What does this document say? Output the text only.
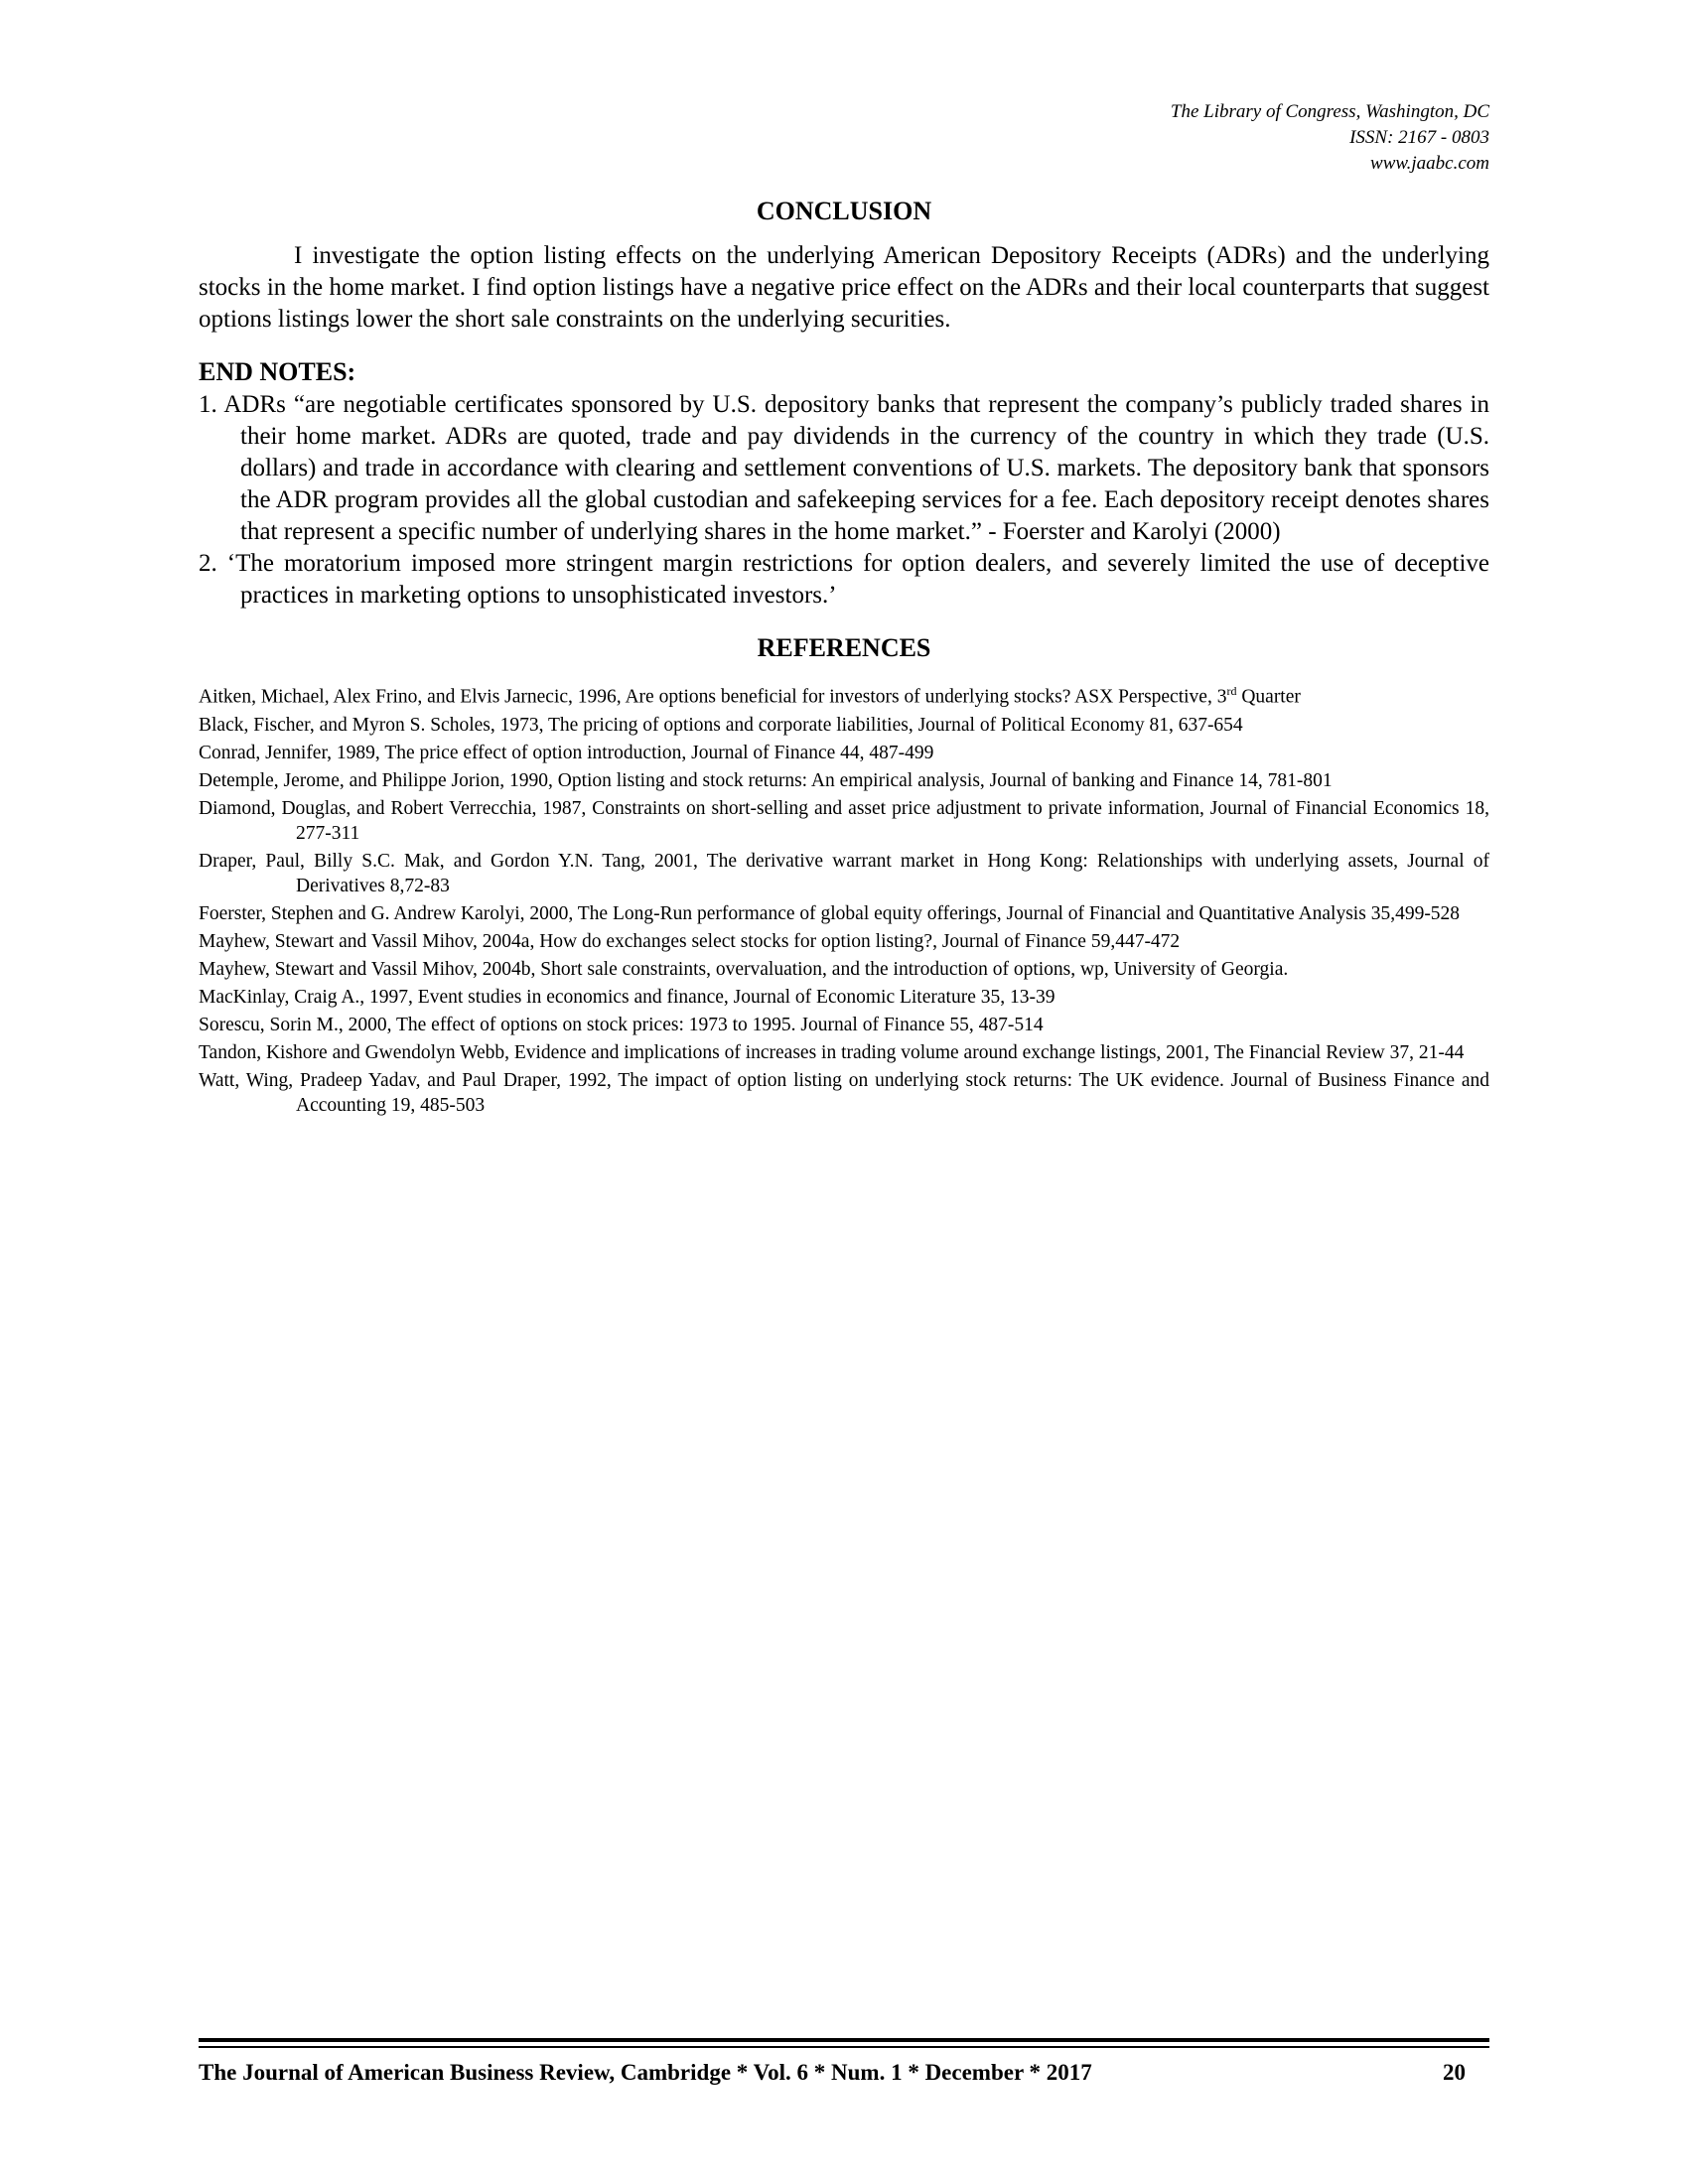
The Library of Congress, Washington, DC
ISSN: 2167 - 0803
www.jaabc.com
CONCLUSION

I investigate the option listing effects on the underlying American Depository Receipts (ADRs) and the underlying stocks in the home market. I find option listings have a negative price effect on the ADRs and their local counterparts that suggest options listings lower the short sale constraints on the underlying securities.

END NOTES:

1. ADRs “are negotiable certificates sponsored by U.S. depository banks that represent the company’s publicly traded shares in their home market. ADRs are quoted, trade and pay dividends in the currency of the country in which they trade (U.S. dollars) and trade in accordance with clearing and settlement conventions of U.S. markets. The depository bank that sponsors the ADR program provides all the global custodian and safekeeping services for a fee. Each depository receipt denotes shares that represent a specific number of underlying shares in the home market.” - Foerster and Karolyi (2000)

2. ‘The moratorium imposed more stringent margin restrictions for option dealers, and severely limited the use of deceptive practices in marketing options to unsophisticated investors.’

REFERENCES
Aitken, Michael, Alex Frino, and Elvis Jarnecic, 1996, Are options beneficial for investors of underlying stocks? ASX Perspective, 3rd Quarter
Black, Fischer, and Myron S. Scholes, 1973, The pricing of options and corporate liabilities, Journal of Political Economy 81, 637-654
Conrad, Jennifer, 1989, The price effect of option introduction, Journal of Finance 44, 487-499
Detemple, Jerome, and Philippe Jorion, 1990, Option listing and stock returns: An empirical analysis, Journal of banking and Finance 14, 781-801
Diamond, Douglas, and Robert Verrecchia, 1987, Constraints on short-selling and asset price adjustment to private information, Journal of Financial Economics 18, 277-311
Draper, Paul, Billy S.C. Mak, and Gordon Y.N. Tang, 2001, The derivative warrant market in Hong Kong: Relationships with underlying assets, Journal of Derivatives 8,72-83
Foerster, Stephen and G. Andrew Karolyi, 2000, The Long-Run performance of global equity offerings, Journal of Financial and Quantitative Analysis 35,499-528
Mayhew, Stewart and Vassil Mihov, 2004a, How do exchanges select stocks for option listing?, Journal of Finance 59,447-472
Mayhew, Stewart and Vassil Mihov, 2004b, Short sale constraints, overvaluation, and the introduction of options, wp, University of Georgia.
MacKinlay, Craig A., 1997, Event studies in economics and finance, Journal of Economic Literature 35, 13-39
Sorescu, Sorin M., 2000, The effect of options on stock prices: 1973 to 1995. Journal of Finance 55, 487-514
Tandon, Kishore and Gwendolyn Webb, Evidence and implications of increases in trading volume around exchange listings, 2001, The Financial Review 37, 21-44
Watt, Wing, Pradeep Yadav, and Paul Draper, 1992, The impact of option listing on underlying stock returns: The UK evidence. Journal of Business Finance and Accounting 19, 485-503
The Journal of American Business Review, Cambridge * Vol. 6 * Num. 1 * December * 2017	20
